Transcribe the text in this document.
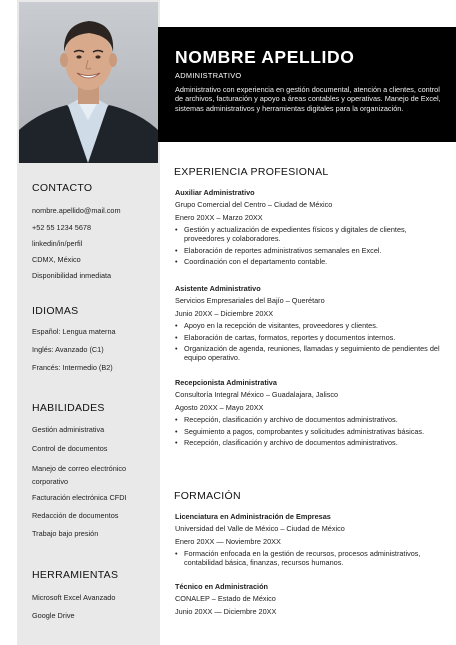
NOMBRE APELLIDO
ADMINISTRATIVO
Administrativo con experiencia en gestión documental, atención a clientes, control de archivos, facturación y apoyo a áreas contables y operativas. Manejo de Excel, sistemas administrativos y herramientas digitales para la organización.
CONTACTO
nombre.apellido@mail.com
+52 55 1234 5678
linkedin/in/perfil
CDMX, México
Disponibilidad inmediata
IDIOMAS
Español: Lengua materna
Inglés: Avanzado (C1)
Francés: Intermedio (B2)
HABILIDADES
Gestión administrativa
Control de documentos
Manejo de correo electrónico corporativo
Facturación electrónica CFDI
Redacción de documentos
Trabajo bajo presión
HERRAMIENTAS
Microsoft Excel Avanzado
Google Drive
EXPERIENCIA PROFESIONAL
Auxiliar Administrativo
Grupo Comercial del Centro – Ciudad de México
Enero 20XX – Marzo 20XX
• Gestión y actualización de expedientes físicos y digitales de clientes, proveedores y colaboradores.
• Elaboración de reportes administrativos semanales en Excel.
• Coordinación con el departamento contable.
Asistente Administrativo
Servicios Empresariales del Bajío – Querétaro
Junio 20XX – Diciembre 20XX
• Apoyo en la recepción de visitantes, proveedores y clientes.
• Elaboración de cartas, formatos, reportes y documentos internos.
• Organización de agenda, reuniones, llamadas y seguimiento de pendientes del equipo operativo.
Recepcionista Administrativa
Consultoría Integral México – Guadalajara, Jalisco
Agosto 20XX – Mayo 20XX
• Recepción, clasificación y archivo de documentos administrativos.
• Seguimiento a pagos, comprobantes y solicitudes administrativas básicas.
• Recepción, clasificación y archivo de documentos administrativos.
FORMACIÓN
Licenciatura en Administración de Empresas
Universidad del Valle de México – Ciudad de México
Enero 20XX — Noviembre 20XX
• Formación enfocada en la gestión de recursos, procesos administrativos, contabilidad básica, finanzas, recursos humanos.
Técnico en Administración
CONALEP – Estado de México
Junio 20XX — Diciembre 20XX
